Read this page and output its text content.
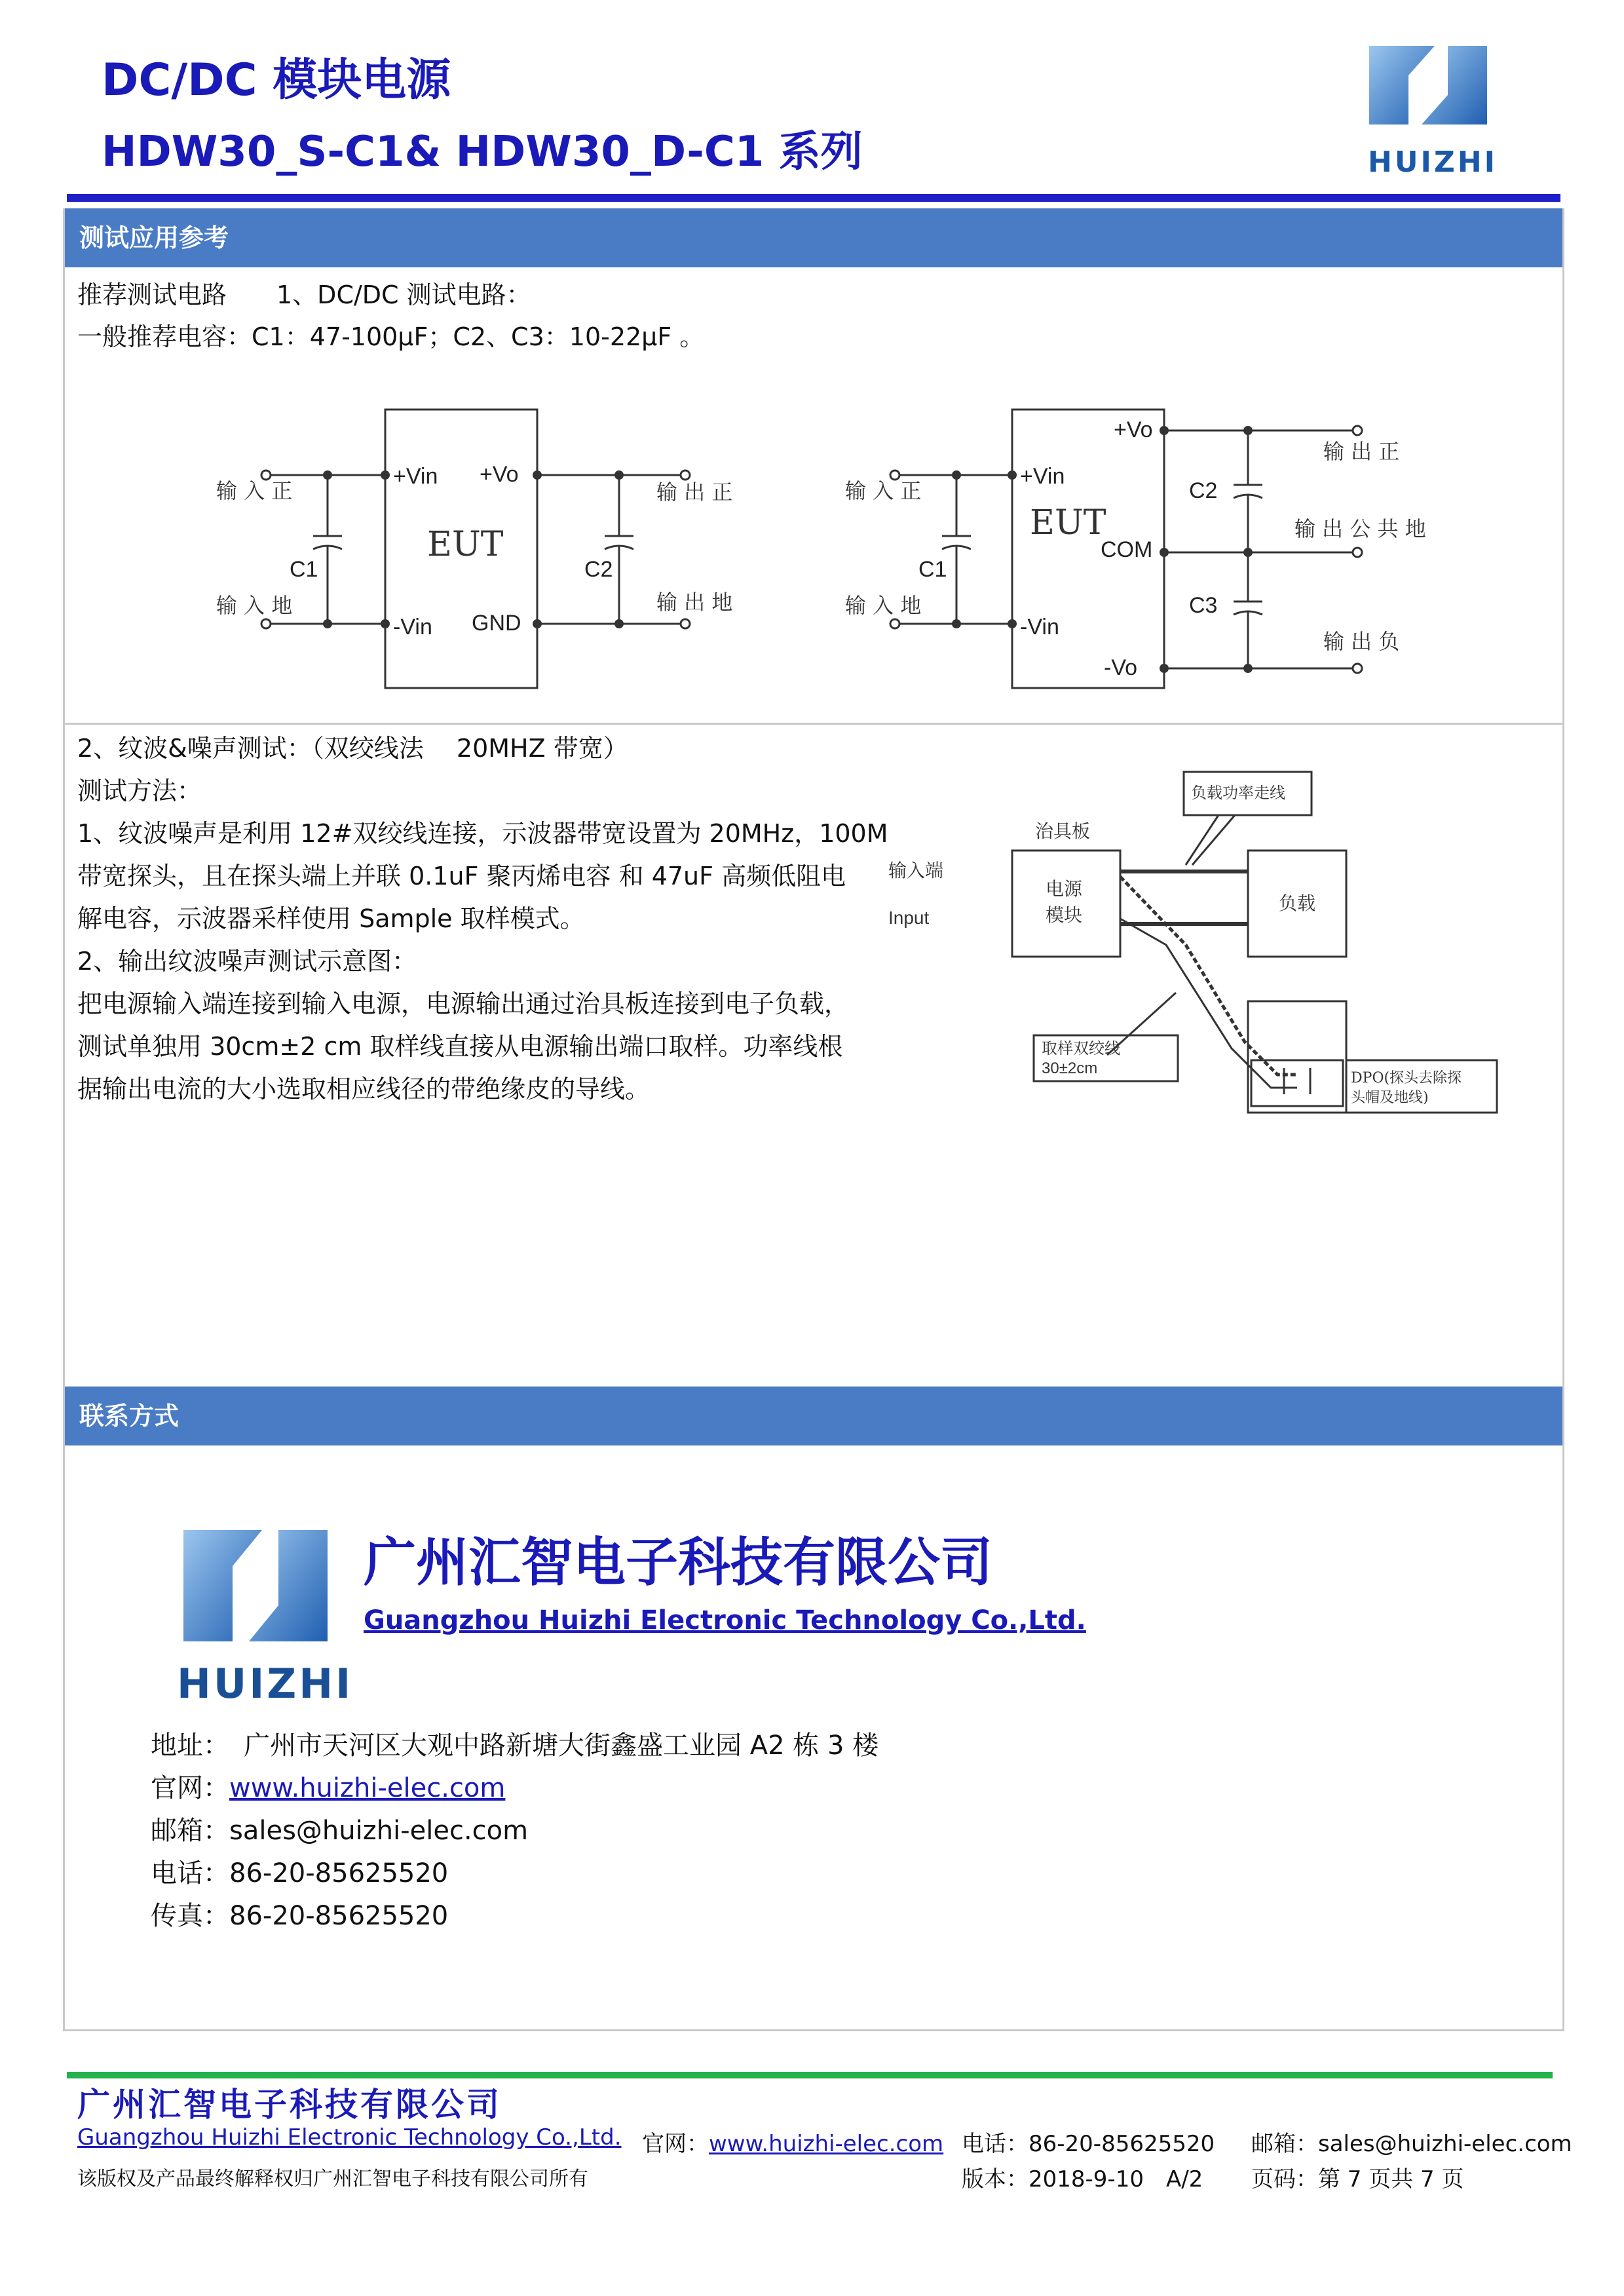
DC/DC 模块电源
HDW30_S-C1& HDW30_D-C1 系列	HUIZHI
测试应用参考
推荐测试电路　　1、DC/DC 测试电路：
一般推荐电容：C1：47-100μF；C2、C3：10-22μF 。
输 入 正
输 入 地
+Vin
-Vin
+Vo
GND
EUT
C1	C2
输 出 正
输 出 地
输 入 正
输 入 地
+Vin
-Vin
+Vo
COM
-Vo
EUT
C1
C2
C3
输 出 正
输 出 公 共 地
输 出 负
2、纹波&噪声测试：（双绞线法　 20MHZ 带宽）
测试方法：
1、纹波噪声是利用 12#双绞线连接，示波器带宽设置为 20MHz，100M
带宽探头，且在探头端上并联 0.1uF 聚丙烯电容 和 47uF 高频低阻电
解电容，示波器采样使用 Sample 取样模式。
2、输出纹波噪声测试示意图：
把电源输入端连接到输入电源，电源输出通过治具板连接到电子负载，
测试单独用 30cm±2 cm 取样线直接从电源输出端口取样。功率线根
据输出电流的大小选取相应线径的带绝缘皮的导线。
负载功率走线
治具板
输入端
Input
电源
模块
负载
取样双绞线
30±2cm
DPO(探头去除探
头帽及地线)
联系方式
HUIZHI
广州汇智电子科技有限公司
Guangzhou Huizhi Electronic Technology Co.,Ltd.
地址： 广州市天河区大观中路新塘大街鑫盛工业园 A2 栋 3 楼
官网：www.huizhi-elec.com
邮箱：sales@huizhi-elec.com
电话：86-20-85625520
传真：86-20-85625520
广州汇智电子科技有限公司
Guangzhou Huizhi Electronic Technology Co.,Ltd.
该版权及产品最终解释权归广州汇智电子科技有限公司所有
官网：www.huizhi-elec.com 电话：86-20-85625520 邮箱：sales@huizhi-elec.com
版本：2018-9-10　A/2 页码：第 7 页共 7 页
